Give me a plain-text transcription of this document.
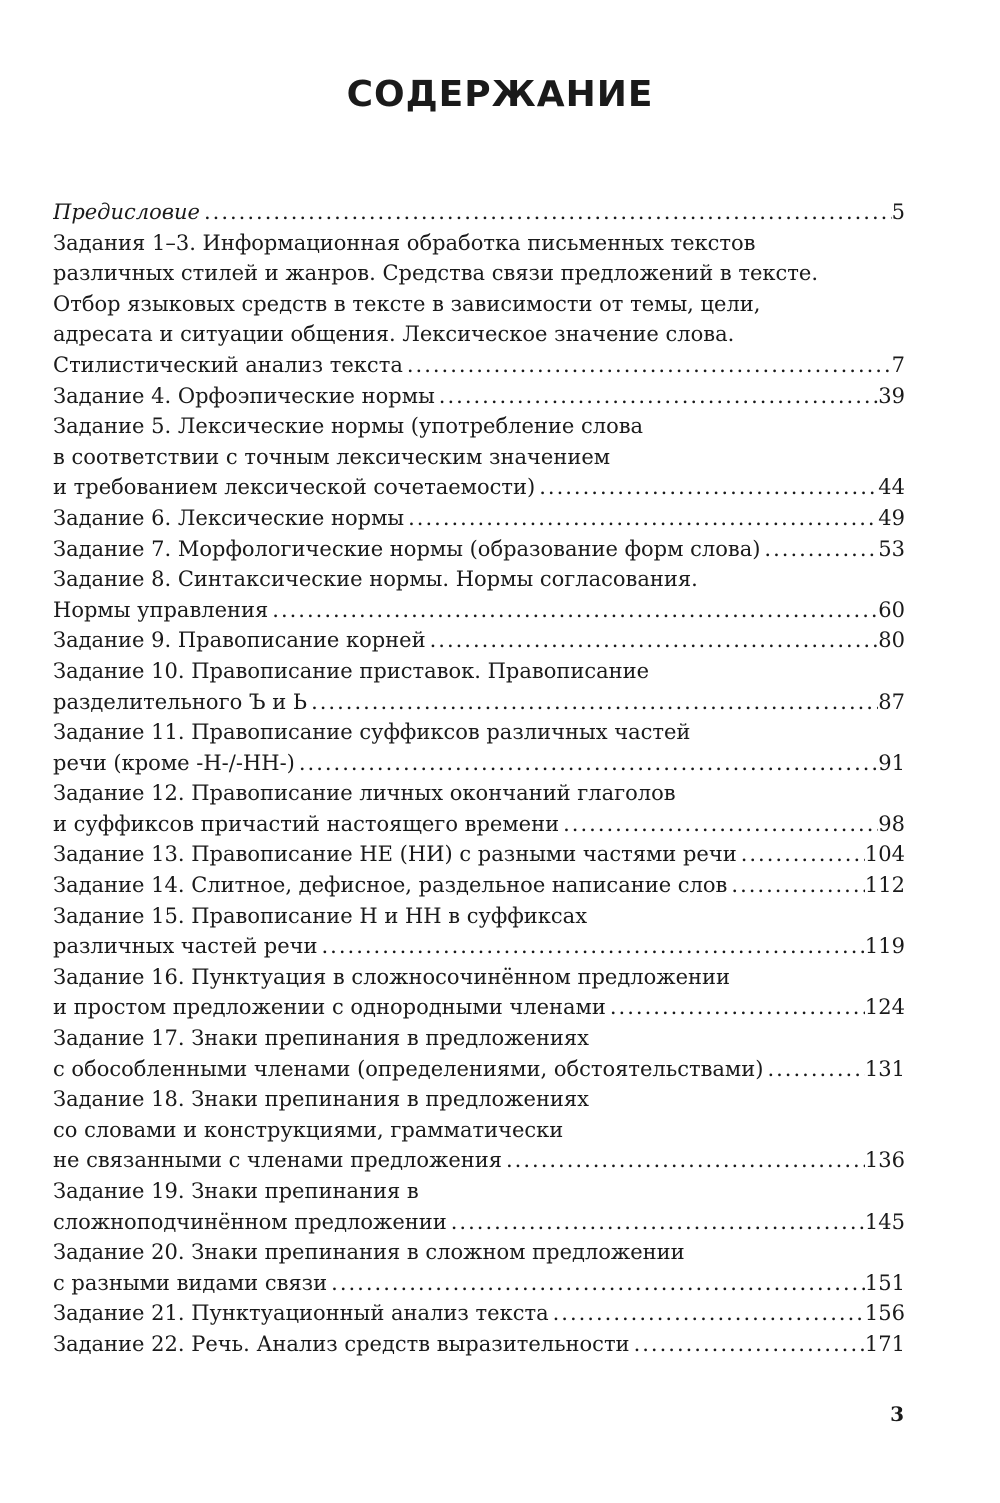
СОДЕРЖАНИЕ
Предисловие .....	5
Задания 1–3. Информационная обработка письменных текстов
различных стилей и жанров. Средства связи предложений в тексте.
Отбор языковых средств в тексте в зависимости от темы, цели,
адресата и ситуации общения. Лексическое значение слова.
Стилистический анализ текста .....	7
Задание 4. Орфоэпические нормы .....	39
Задание 5. Лексические нормы (употребление слова
в соответствии с точным лексическим значением
и требованием лексической сочетаемости) .....	44
Задание 6. Лексические нормы .....	49
Задание 7. Морфологические нормы (образование форм слова) .....	53
Задание 8. Синтаксические нормы. Нормы согласования.
Нормы управления .....	60
Задание 9. Правописание корней .....	80
Задание 10. Правописание приставок. Правописание
разделительного Ъ и Ь .....	87
Задание 11. Правописание суффиксов различных частей
речи (кроме -Н-/-НН-) .....	91
Задание 12. Правописание личных окончаний глаголов
и суффиксов причастий настоящего времени .....	98
Задание 13. Правописание НЕ (НИ) с разными частями речи .....	104
Задание 14. Слитное, дефисное, раздельное написание слов .....	112
Задание 15. Правописание Н и НН в суффиксах
различных частей речи .....	119
Задание 16. Пунктуация в сложносочинённом предложении
и простом предложении с однородными членами .....	124
Задание 17. Знаки препинания в предложениях
с обособленными членами (определениями, обстоятельствами) .....	131
Задание 18. Знаки препинания в предложениях
со словами и конструкциями, грамматически
не связанными с членами предложения .....	136
Задание 19. Знаки препинания в
сложноподчинённом предложении .....	145
Задание 20. Знаки препинания в сложном предложении
с разными видами связи .....	151
Задание 21. Пунктуационный анализ текста .....	156
Задание 22. Речь. Анализ средств выразительности .....	171
3
